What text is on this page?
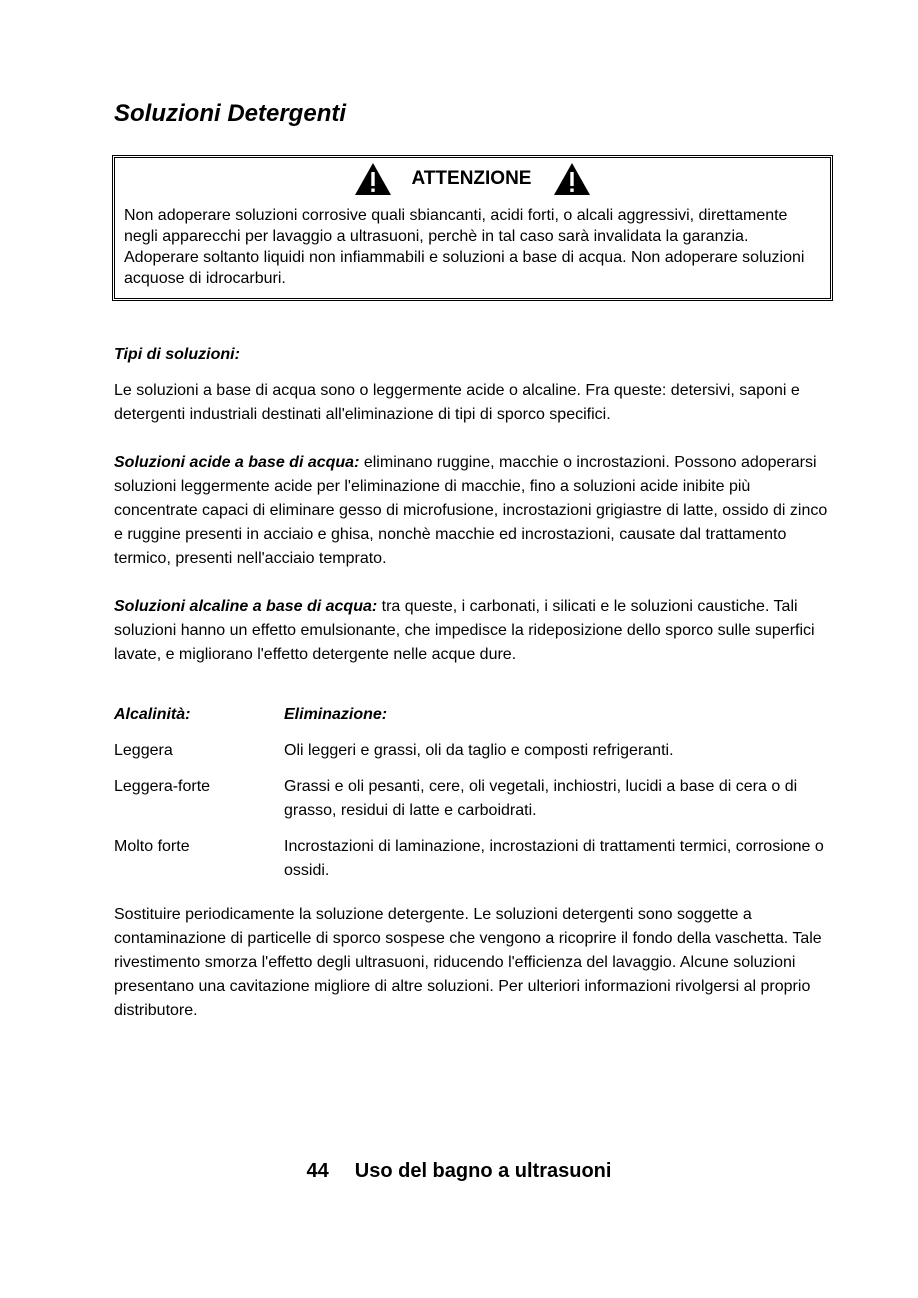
Soluzioni Detergenti
ATTENZIONE
Non adoperare soluzioni corrosive quali sbiancanti, acidi forti, o alcali aggressivi, direttamente negli apparecchi per lavaggio a ultrasuoni, perchè in tal caso sarà invalidata la garanzia. Adoperare soltanto liquidi non infiammabili e soluzioni a base di acqua. Non adoperare soluzioni acquose di idrocarburi.
Tipi di soluzioni:
Le soluzioni a base di acqua sono o leggermente acide o alcaline. Fra queste: detersivi, saponi e detergenti industriali destinati all'eliminazione di tipi di sporco specifici.
Soluzioni acide a base di acqua: eliminano ruggine, macchie o incrostazioni. Possono adoperarsi soluzioni leggermente acide per l'eliminazione di macchie, fino a soluzioni acide inibite più concentrate capaci di eliminare gesso di microfusione, incrostazioni grigiastre di latte, ossido di zinco e ruggine presenti in acciaio e ghisa, nonchè macchie ed incrostazioni, causate dal trattamento termico, presenti nell'acciaio temprato.
Soluzioni alcaline a base di acqua: tra queste, i carbonati, i silicati e le soluzioni caustiche. Tali soluzioni hanno un effetto emulsionante, che impedisce la rideposizione dello sporco sulle superfici lavate, e migliorano l'effetto detergente nelle acque dure.
Alcalinità:	Eliminazione:
Leggera	Oli leggeri e grassi, oli da taglio e composti refrigeranti.
Leggera-forte	Grassi e oli pesanti, cere, oli vegetali, inchiostri, lucidi a base di cera o di grasso, residui di latte e carboidrati.
Molto forte	Incrostazioni di laminazione, incrostazioni di trattamenti termici, corrosione o ossidi.
Sostituire periodicamente la soluzione detergente. Le soluzioni detergenti sono soggette a contaminazione di particelle di sporco sospese che vengono a ricoprire il fondo della vaschetta. Tale rivestimento smorza l'effetto degli ultrasuoni, riducendo l'efficienza del lavaggio. Alcune soluzioni presentano una cavitazione migliore di altre soluzioni. Per ulteriori informazioni rivolgersi al proprio distributore.
44 Uso del bagno a ultrasuoni
